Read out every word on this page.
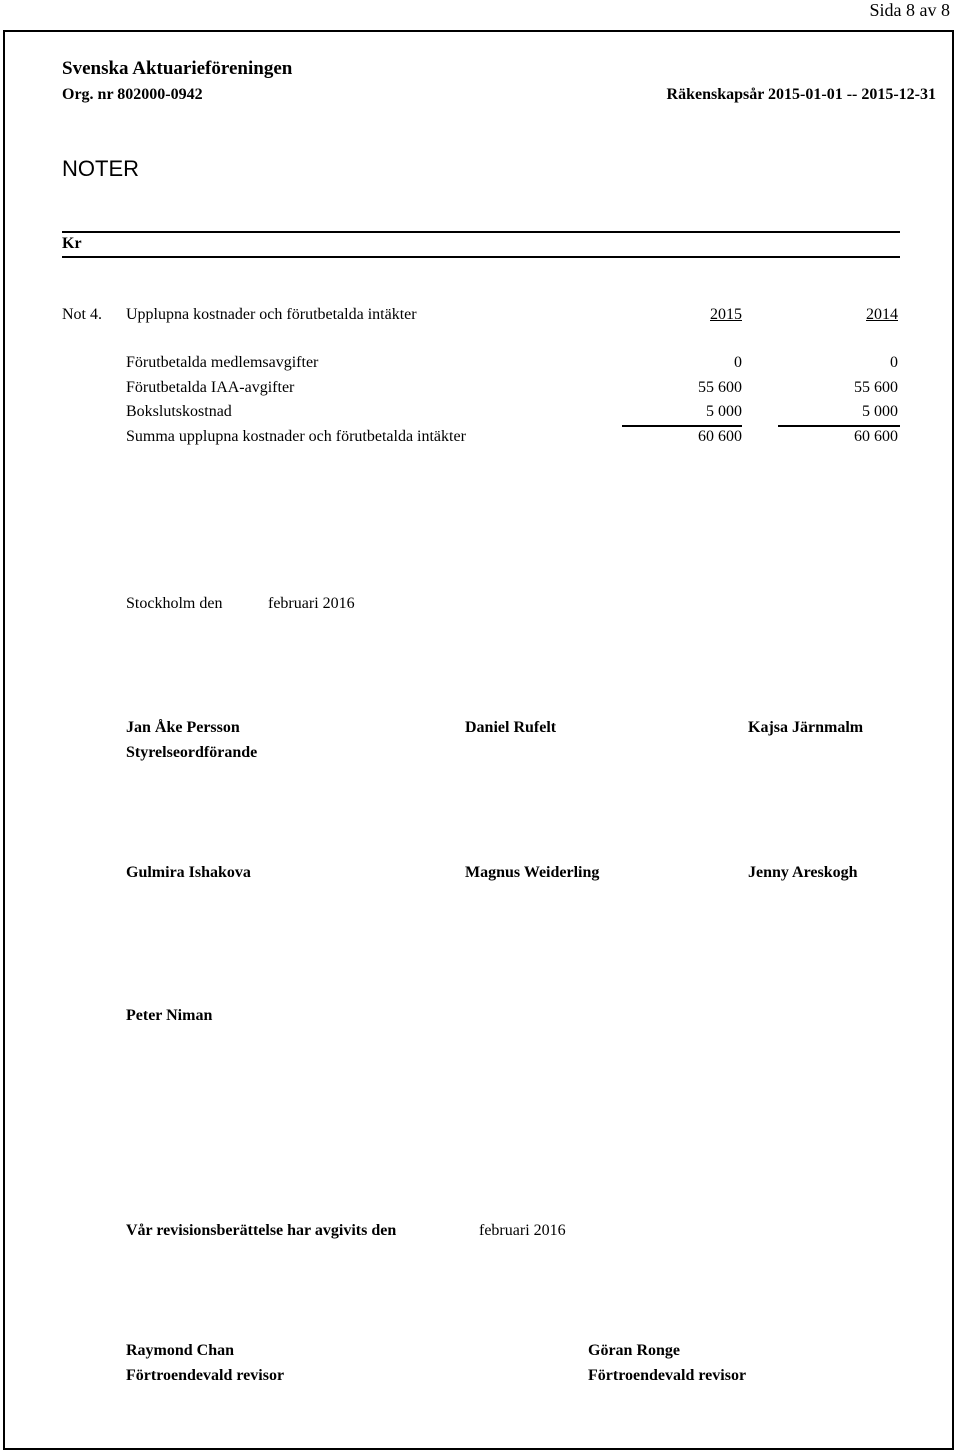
Sida 8 av 8
Svenska Aktuarieföreningen
Org. nr 802000-0942	Räkenskapsår 2015-01-01 -- 2015-12-31
NOTER
Kr
Not 4. Upplupna kostnader och förutbetalda intäkter	2015	2014
Förutbetalda medlemsavgifter	0	0
Förutbetalda IAA-avgifter	55 600	55 600
Bokslutskostnad	5 000	5 000
Summa upplupna kostnader och förutbetalda intäkter	60 600	60 600
Stockholm den	februari 2016
Jan Åke Persson	Daniel Rufelt	Kajsa Järnmalm
Styrelseordförande
Gulmira Ishakova	Magnus Weiderling	Jenny Areskogh
Peter Niman
Vår revisionsberättelse har avgivits den	februari 2016
Raymond Chan
Förtroendevald revisor
Göran Ronge
Förtroendevald revisor
